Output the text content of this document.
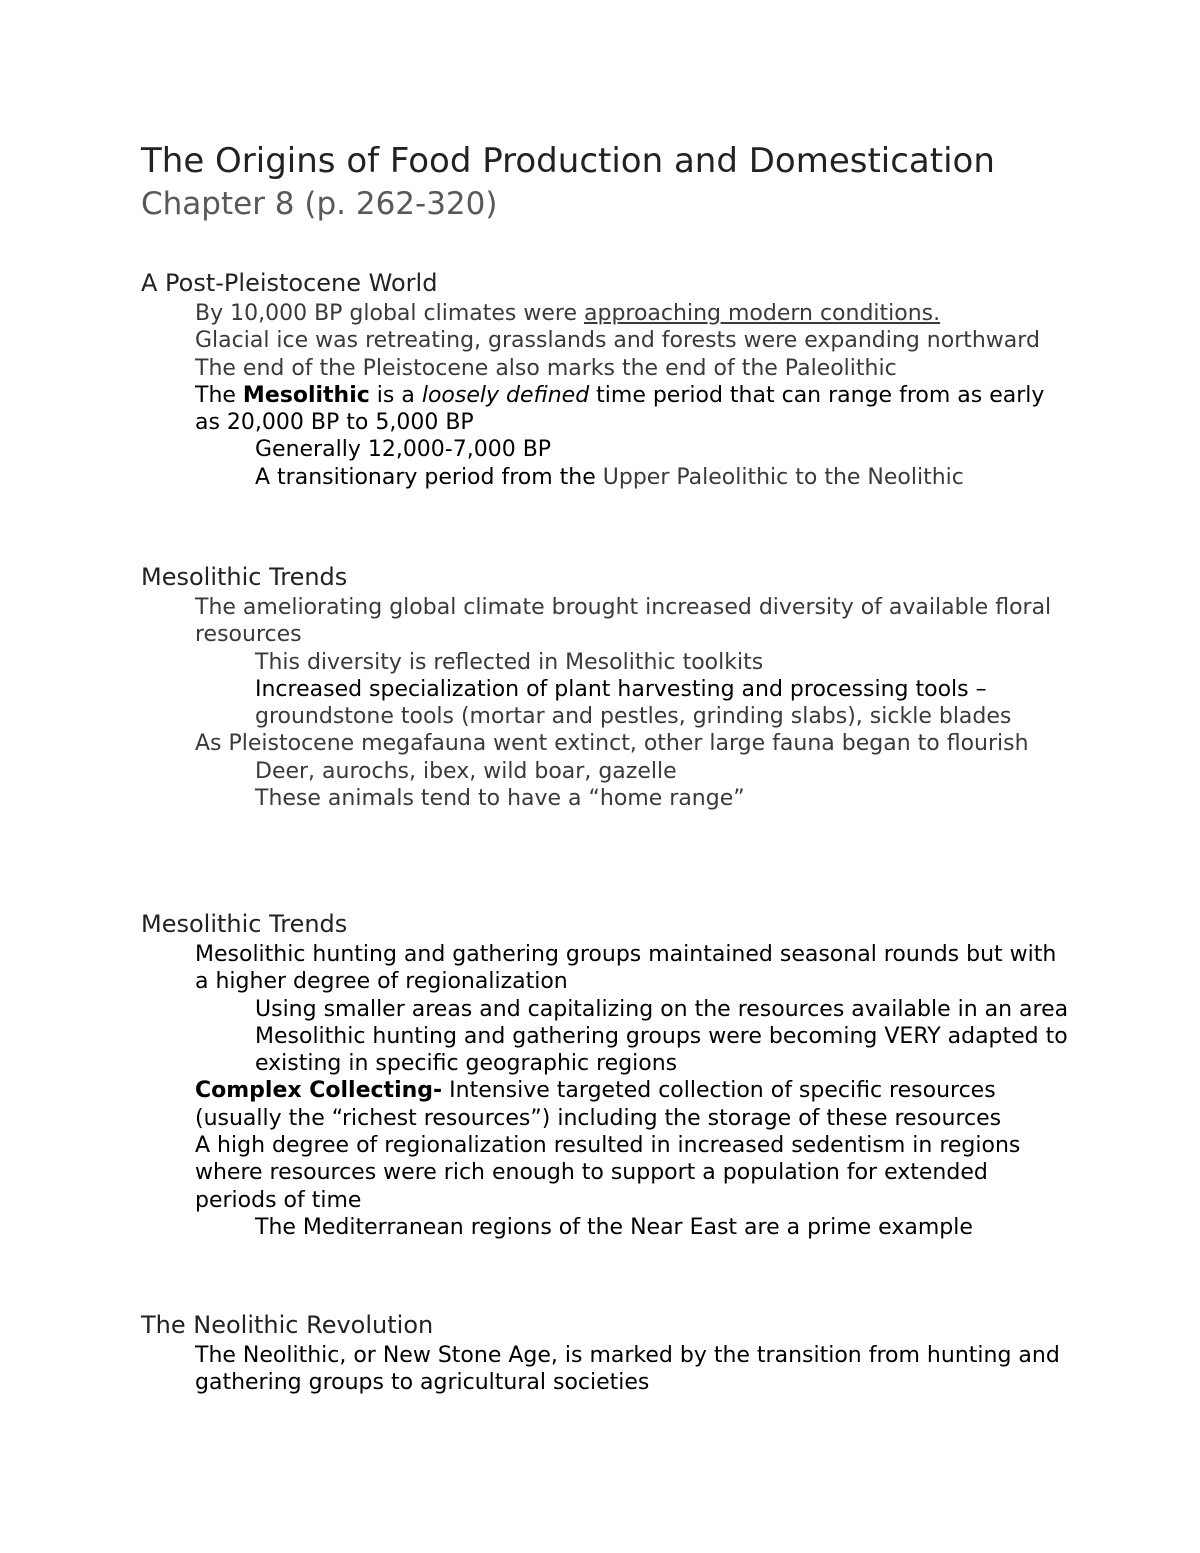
The Origins of Food Production and Domestication
Chapter 8 (p. 262-320)
A Post-Pleistocene World
By 10,000 BP global climates were approaching modern conditions.
Glacial ice was retreating, grasslands and forests were expanding northward
The end of the Pleistocene also marks the end of the Paleolithic
The Mesolithic is a loosely defined time period that can range from as early as 20,000 BP to 5,000 BP
Generally 12,000-7,000 BP
A transitionary period from the Upper Paleolithic to the Neolithic
Mesolithic Trends
The ameliorating global climate brought increased diversity of available floral resources
This diversity is reflected in Mesolithic toolkits
Increased specialization of plant harvesting and processing tools – groundstone tools (mortar and pestles, grinding slabs), sickle blades
As Pleistocene megafauna went extinct, other large fauna began to flourish
Deer, aurochs, ibex, wild boar, gazelle
These animals tend to have a “home range”
Mesolithic Trends
Mesolithic hunting and gathering groups maintained seasonal rounds but with a higher degree of regionalization
Using smaller areas and capitalizing on the resources available in an area
Mesolithic hunting and gathering groups were becoming VERY adapted to existing in specific geographic regions
Complex Collecting- Intensive targeted collection of specific resources (usually the “richest resources”) including the storage of these resources
A high degree of regionalization resulted in increased sedentism in regions where resources were rich enough to support a population for extended periods of time
The Mediterranean regions of the Near East are a prime example
The Neolithic Revolution
The Neolithic, or New Stone Age, is marked by the transition from hunting and gathering groups to agricultural societies
